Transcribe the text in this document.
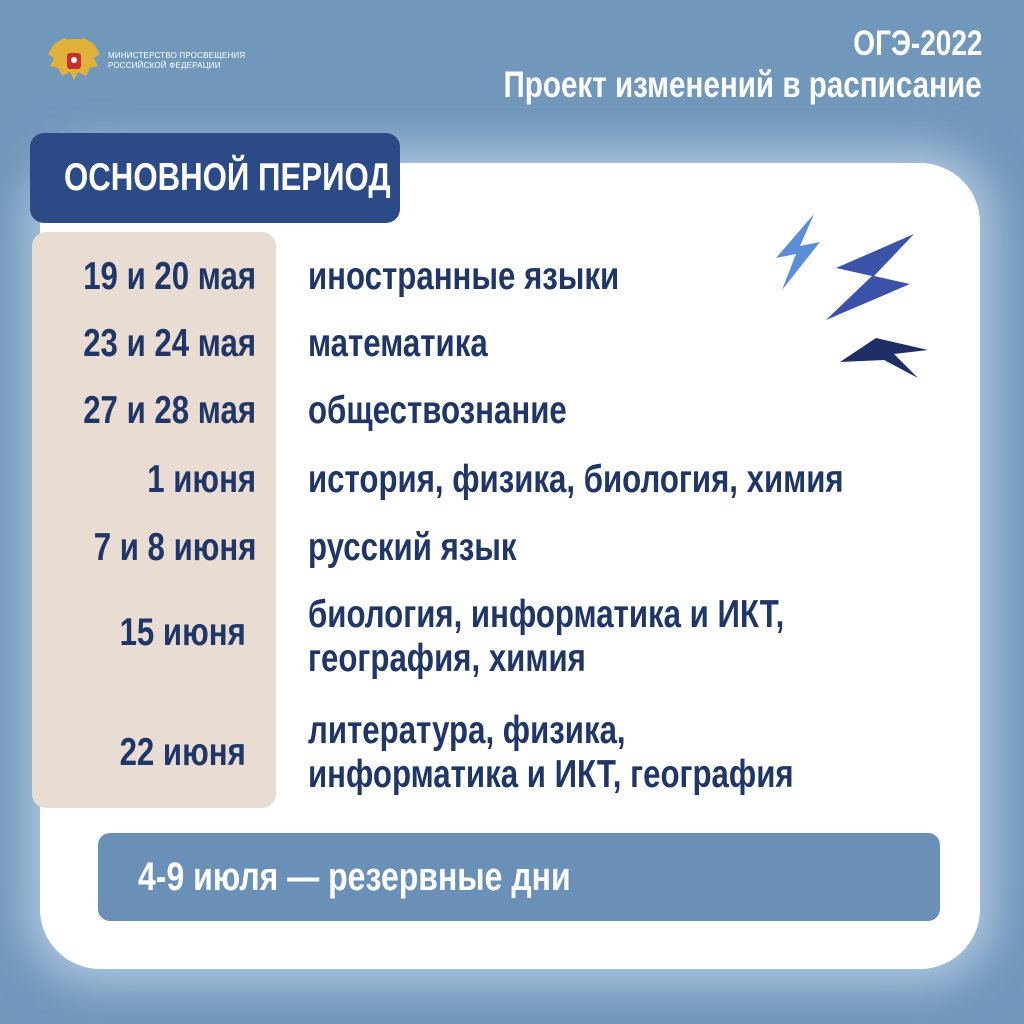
МИНИСТЕРСТВО ПРОСВЕЩЕНИЯ
РОССИЙСКОЙ ФЕДЕРАЦИИ
ОГЭ-2022
Проект изменений в расписание
ОСНОВНОЙ ПЕРИОД
19 и 20 мая иностранные языки
23 и 24 мая математика
27 и 28 мая обществознание
1 июня история, физика, биология, химия
7 и 8 июня русский язык
15 июня биология, информатика и ИКТ,
география, химия
22 июня
литература, физика,
информатика и ИКТ, география
4-9 июля — резервные дни
